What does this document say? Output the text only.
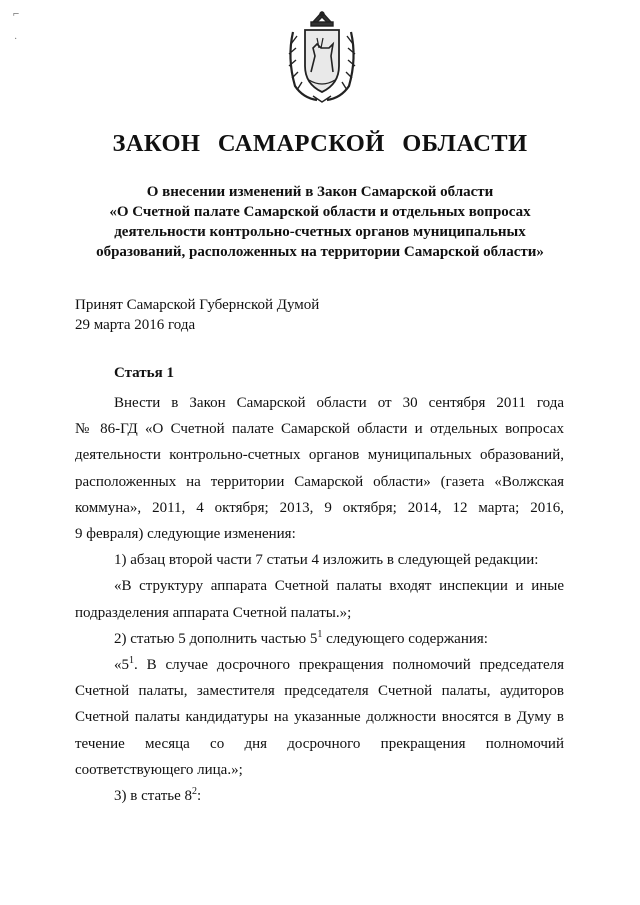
⌐
·
ЗАКОН САМАРСКОЙ ОБЛАСТИ
О внесении изменений в Закон Самарской области
«О Счетной палате Самарской области и отдельных вопросах
деятельности контрольно-счетных органов муниципальных
образований, расположенных на территории Самарской области»
Принят Самарской Губернской Думой
29 марта 2016 года
Статья 1

Внести в Закон Самарской области от 30 сентября 2011 года

№ 86-ГД «О Счетной палате Самарской области и отдельных вопросах

деятельности контрольно-счетных органов муниципальных образований,

расположенных на территории Самарской области» (газета «Волжская

коммуна», 2011, 4 октября; 2013, 9 октября; 2014, 12 марта; 2016,

9 февраля) следующие изменения:

1) абзац второй части 7 статьи 4 изложить в следующей редакции:

«В структуру аппарата Счетной палаты входят инспекции и иные

подразделения аппарата Счетной палаты.»;

2) статью 5 дополнить частью $5^1$ следующего содержания:

«$5^1$. В случае досрочного прекращения полномочий председателя

Счетной палаты, заместителя председателя Счетной палаты, аудиторов

Счетной палаты кандидатуры на указанные должности вносятся в Думу в

течение месяца со дня досрочного прекращения полномочий

соответствующего лица.»;

3) в статье $8^2$:
